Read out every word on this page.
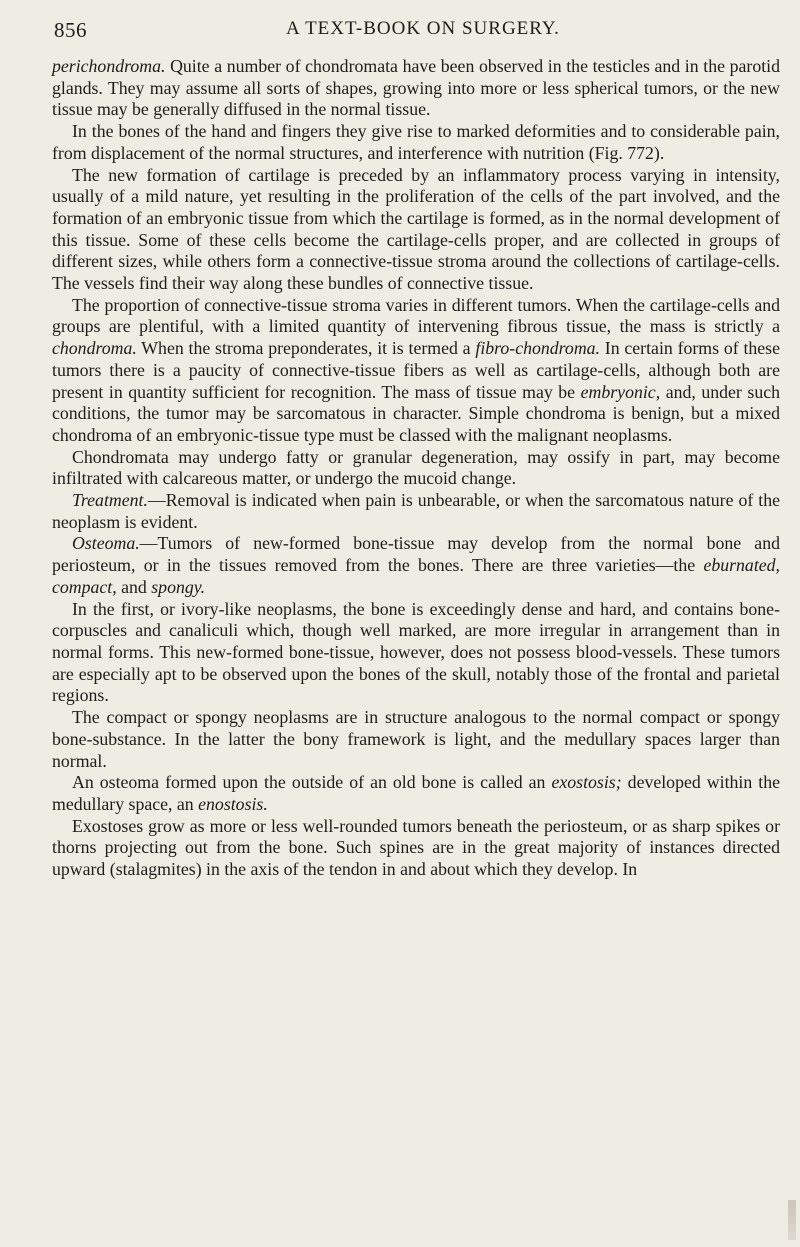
856	A TEXT-BOOK ON SURGERY.

perichondroma. Quite a number of chondromata have been observed in the testicles and in the parotid glands. They may assume all sorts of shapes, growing into more or less spherical tumors, or the new tissue may be generally diffused in the normal tissue.

In the bones of the hand and fingers they give rise to marked deformities and to considerable pain, from displacement of the normal structures, and interference with nutrition (Fig. 772).

The new formation of cartilage is preceded by an inflammatory process varying in intensity, usually of a mild nature, yet resulting in the proliferation of the cells of the part involved, and the formation of an embryonic tissue from which the cartilage is formed, as in the normal development of this tissue. Some of these cells become the cartilage-cells proper, and are collected in groups of different sizes, while others form a connective-tissue stroma around the collections of cartilage-cells. The vessels find their way along these bundles of connective tissue.

The proportion of connective-tissue stroma varies in different tumors. When the cartilage-cells and groups are plentiful, with a limited quantity of intervening fibrous tissue, the mass is strictly a chondroma. When the stroma preponderates, it is termed a fibro-chondroma. In certain forms of these tumors there is a paucity of connective-tissue fibers as well as cartilage-cells, although both are present in quantity sufficient for recognition. The mass of tissue may be embryonic, and, under such conditions, the tumor may be sarcomatous in character. Simple chondroma is benign, but a mixed chondroma of an embryonic-tissue type must be classed with the malignant neoplasms.

Chondromata may undergo fatty or granular degeneration, may ossify in part, may become infiltrated with calcareous matter, or undergo the mucoid change.

Treatment.—Removal is indicated when pain is unbearable, or when the sarcomatous nature of the neoplasm is evident.

Osteoma.—Tumors of new-formed bone-tissue may develop from the normal bone and periosteum, or in the tissues removed from the bones. There are three varieties—the eburnated, compact, and spongy.

In the first, or ivory-like neoplasms, the bone is exceedingly dense and hard, and contains bone-corpuscles and canaliculi which, though well marked, are more irregular in arrangement than in normal forms. This new-formed bone-tissue, however, does not possess blood-vessels. These tumors are especially apt to be observed upon the bones of the skull, notably those of the frontal and parietal regions.

The compact or spongy neoplasms are in structure analogous to the normal compact or spongy bone-substance. In the latter the bony framework is light, and the medullary spaces larger than normal.

An osteoma formed upon the outside of an old bone is called an exostosis; developed within the medullary space, an enostosis.

Exostoses grow as more or less well-rounded tumors beneath the periosteum, or as sharp spikes or thorns projecting out from the bone. Such spines are in the great majority of instances directed upward (stalagmites) in the axis of the tendon in and about which they develop. In
